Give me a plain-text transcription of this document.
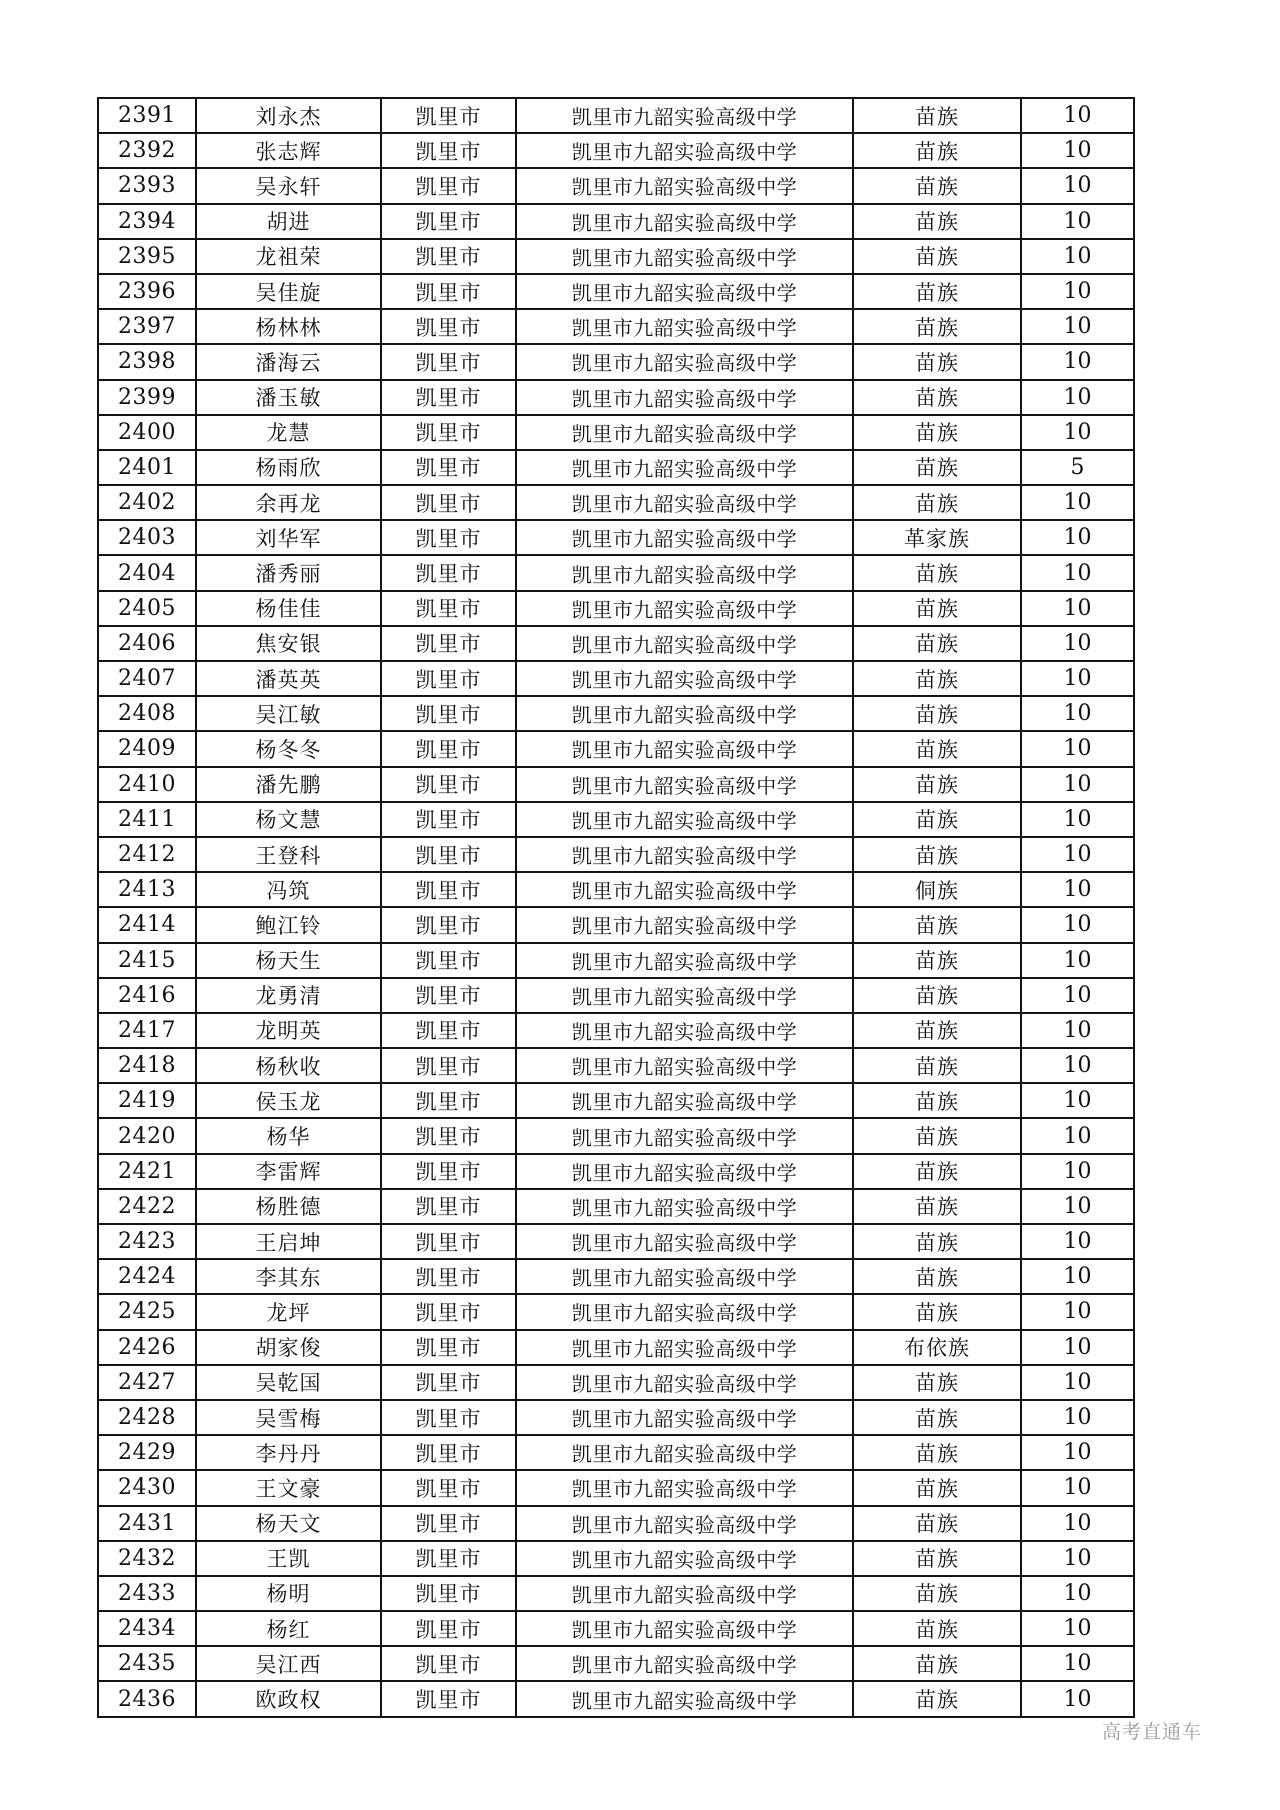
2391	刘永杰	凯里市	凯里市九韶实验高级中学	苗族	10
2392	张志辉	凯里市	凯里市九韶实验高级中学	苗族	10
2393	吴永轩	凯里市	凯里市九韶实验高级中学	苗族	10
2394	胡进	凯里市	凯里市九韶实验高级中学	苗族	10
2395	龙祖荣	凯里市	凯里市九韶实验高级中学	苗族	10
2396	吴佳旋	凯里市	凯里市九韶实验高级中学	苗族	10
2397	杨林林	凯里市	凯里市九韶实验高级中学	苗族	10
2398	潘海云	凯里市	凯里市九韶实验高级中学	苗族	10
2399	潘玉敏	凯里市	凯里市九韶实验高级中学	苗族	10
2400	龙慧	凯里市	凯里市九韶实验高级中学	苗族	10
2401	杨雨欣	凯里市	凯里市九韶实验高级中学	苗族	5
2402	余再龙	凯里市	凯里市九韶实验高级中学	苗族	10
2403	刘华军	凯里市	凯里市九韶实验高级中学	革家族	10
2404	潘秀丽	凯里市	凯里市九韶实验高级中学	苗族	10
2405	杨佳佳	凯里市	凯里市九韶实验高级中学	苗族	10
2406	焦安银	凯里市	凯里市九韶实验高级中学	苗族	10
2407	潘英英	凯里市	凯里市九韶实验高级中学	苗族	10
2408	吴江敏	凯里市	凯里市九韶实验高级中学	苗族	10
2409	杨冬冬	凯里市	凯里市九韶实验高级中学	苗族	10
2410	潘先鹏	凯里市	凯里市九韶实验高级中学	苗族	10
2411	杨文慧	凯里市	凯里市九韶实验高级中学	苗族	10
2412	王登科	凯里市	凯里市九韶实验高级中学	苗族	10
2413	冯筑	凯里市	凯里市九韶实验高级中学	侗族	10
2414	鲍江铃	凯里市	凯里市九韶实验高级中学	苗族	10
2415	杨天生	凯里市	凯里市九韶实验高级中学	苗族	10
2416	龙勇清	凯里市	凯里市九韶实验高级中学	苗族	10
2417	龙明英	凯里市	凯里市九韶实验高级中学	苗族	10
2418	杨秋收	凯里市	凯里市九韶实验高级中学	苗族	10
2419	侯玉龙	凯里市	凯里市九韶实验高级中学	苗族	10
2420	杨华	凯里市	凯里市九韶实验高级中学	苗族	10
2421	李雷辉	凯里市	凯里市九韶实验高级中学	苗族	10
2422	杨胜德	凯里市	凯里市九韶实验高级中学	苗族	10
2423	王启坤	凯里市	凯里市九韶实验高级中学	苗族	10
2424	李其东	凯里市	凯里市九韶实验高级中学	苗族	10
2425	龙坪	凯里市	凯里市九韶实验高级中学	苗族	10
2426	胡家俊	凯里市	凯里市九韶实验高级中学	布依族	10
2427	吴乾国	凯里市	凯里市九韶实验高级中学	苗族	10
2428	吴雪梅	凯里市	凯里市九韶实验高级中学	苗族	10
2429	李丹丹	凯里市	凯里市九韶实验高级中学	苗族	10
2430	王文豪	凯里市	凯里市九韶实验高级中学	苗族	10
2431	杨天文	凯里市	凯里市九韶实验高级中学	苗族	10
2432	王凯	凯里市	凯里市九韶实验高级中学	苗族	10
2433	杨明	凯里市	凯里市九韶实验高级中学	苗族	10
2434	杨红	凯里市	凯里市九韶实验高级中学	苗族	10
2435	吴江西	凯里市	凯里市九韶实验高级中学	苗族	10
2436	欧政权	凯里市	凯里市九韶实验高级中学	苗族	10
高考直通车
